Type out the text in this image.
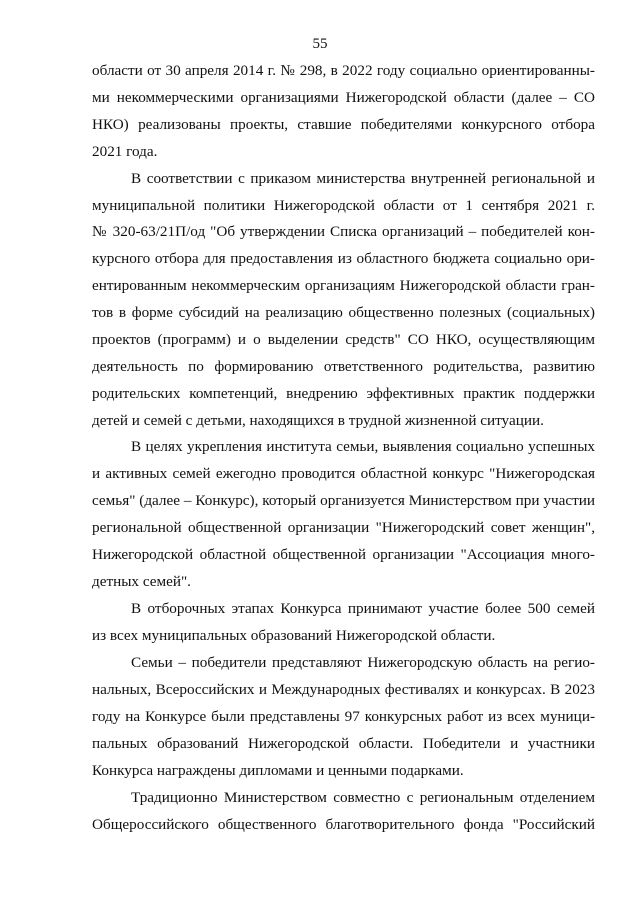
55
области от 30 апреля 2014 г. № 298, в 2022 году социально ориентированны-
ми некоммерческими организациями Нижегородской области (далее – СО
НКО) реализованы проекты, ставшие победителями конкурсного отбора
2021 года.
В соответствии с приказом министерства внутренней региональной и
муниципальной политики Нижегородской области от 1 сентября 2021 г.
№ 320-63/21П/од "Об утверждении Списка организаций – победителей кон-
курсного отбора для предоставления из областного бюджета социально ори-
ентированным некоммерческим организациям Нижегородской области гран-
тов в форме субсидий на реализацию общественно полезных (социальных)
проектов (программ) и о выделении средств" СО НКО, осуществляющим
деятельность по формированию ответственного родительства, развитию
родительских компетенций, внедрению эффективных практик поддержки
детей и семей с детьми, находящихся в трудной жизненной ситуации.
В целях укрепления института семьи, выявления социально успешных
и активных семей ежегодно проводится областной конкурс "Нижегородская
семья" (далее – Конкурс), который организуется Министерством при участии
региональной общественной организации "Нижегородский совет женщин",
Нижегородской областной общественной организации "Ассоциация много-
детных семей".
В отборочных этапах Конкурса принимают участие более 500 семей
из всех муниципальных образований Нижегородской области.
Семьи – победители представляют Нижегородскую область на регио-
нальных, Всероссийских и Международных фестивалях и конкурсах. В 2023
году на Конкурсе были представлены 97 конкурсных работ из всех муници-
пальных образований Нижегородской области. Победители и участники
Конкурса награждены дипломами и ценными подарками.
Традиционно Министерством совместно с региональным отделением
Общероссийского общественного благотворительного фонда "Российский
